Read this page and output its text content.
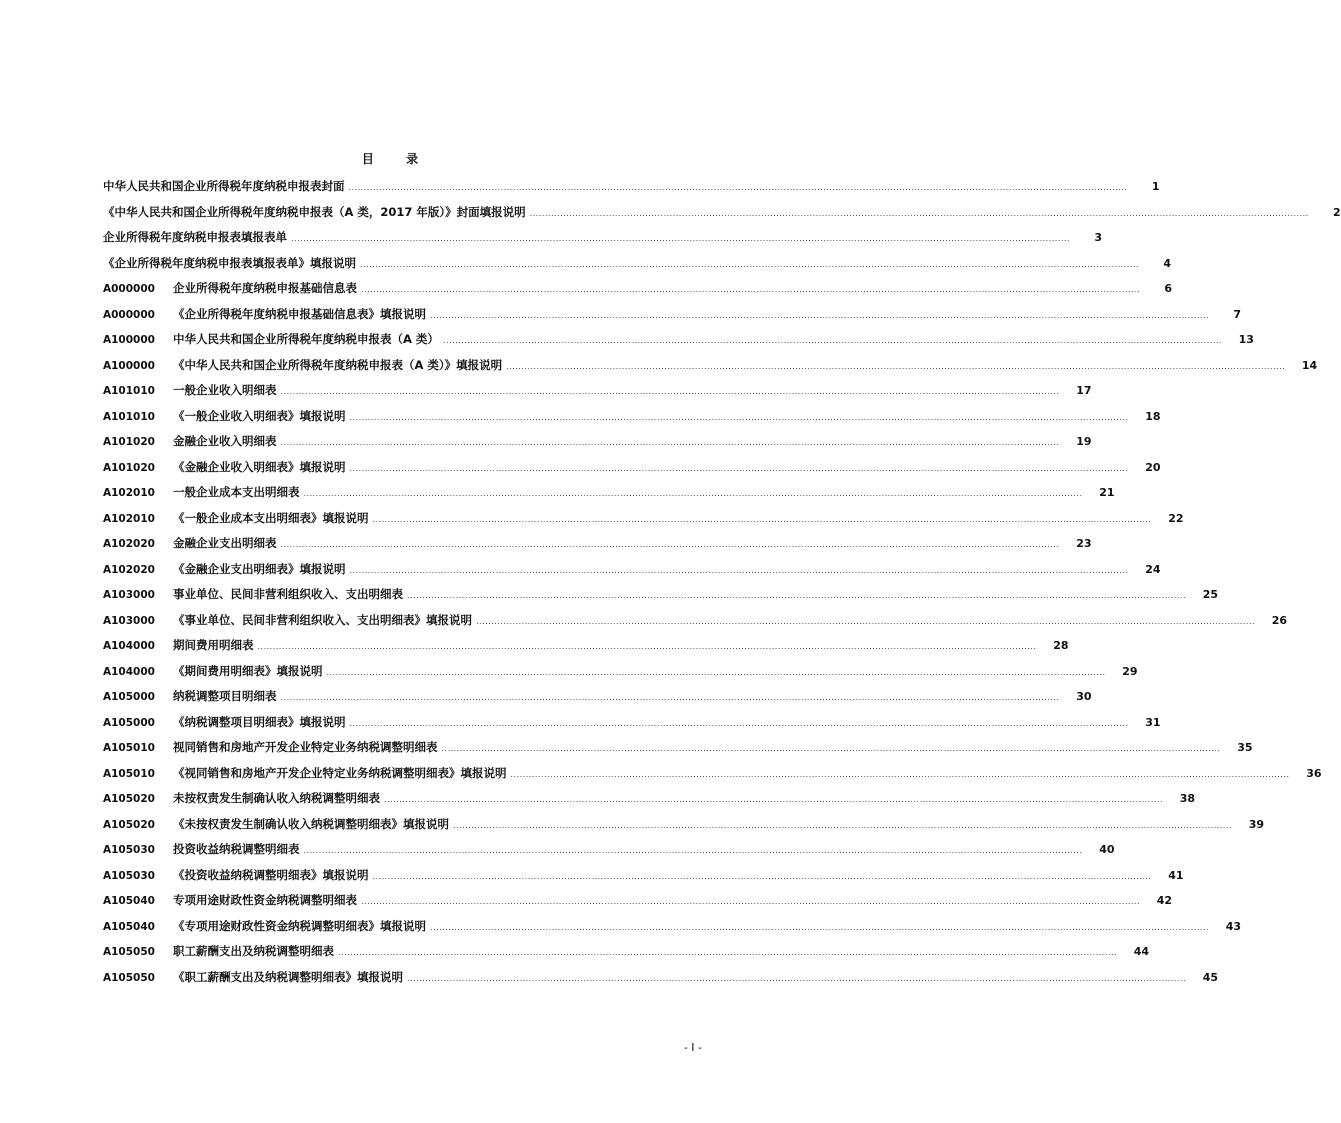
目 录
中华人民共和国企业所得税年度纳税申报表封面 .....	1
《中华人民共和国企业所得税年度纳税申报表（A 类，2017 年版）》封面填报说明 .....	2
企业所得税年度纳税申报表填报表单 .....	3
《企业所得税年度纳税申报表填报表单》填报说明 .....	4
A000000	企业所得税年度纳税申报基础信息表 .....	6
A000000	《企业所得税年度纳税申报基础信息表》填报说明 .....	7
A100000	中华人民共和国企业所得税年度纳税申报表（A 类） .....	13
A100000	《中华人民共和国企业所得税年度纳税申报表（A 类）》填报说明 .....	14
A101010	一般企业收入明细表 .....	17
A101010	《一般企业收入明细表》填报说明 .....	18
A101020	金融企业收入明细表 .....	19
A101020	《金融企业收入明细表》填报说明 .....	20
A102010	一般企业成本支出明细表 .....	21
A102010	《一般企业成本支出明细表》填报说明 .....	22
A102020	金融企业支出明细表 .....	23
A102020	《金融企业支出明细表》填报说明 .....	24
A103000	事业单位、民间非营利组织收入、支出明细表 .....	25
A103000	《事业单位、民间非营利组织收入、支出明细表》填报说明 .....	26
A104000	期间费用明细表 .....	28
A104000	《期间费用明细表》填报说明 .....	29
A105000	纳税调整项目明细表 .....	30
A105000	《纳税调整项目明细表》填报说明 .....	31
A105010	视同销售和房地产开发企业特定业务纳税调整明细表 .....	35
A105010	《视同销售和房地产开发企业特定业务纳税调整明细表》填报说明 .....	36
A105020	未按权责发生制确认收入纳税调整明细表 .....	38
A105020	《未按权责发生制确认收入纳税调整明细表》填报说明 .....	39
A105030	投资收益纳税调整明细表 .....	40
A105030	《投资收益纳税调整明细表》填报说明 .....	41
A105040	专项用途财政性资金纳税调整明细表 .....	42
A105040	《专项用途财政性资金纳税调整明细表》填报说明 .....	43
A105050	职工薪酬支出及纳税调整明细表 .....	44
A105050	《职工薪酬支出及纳税调整明细表》填报说明 .....	45
- I -
